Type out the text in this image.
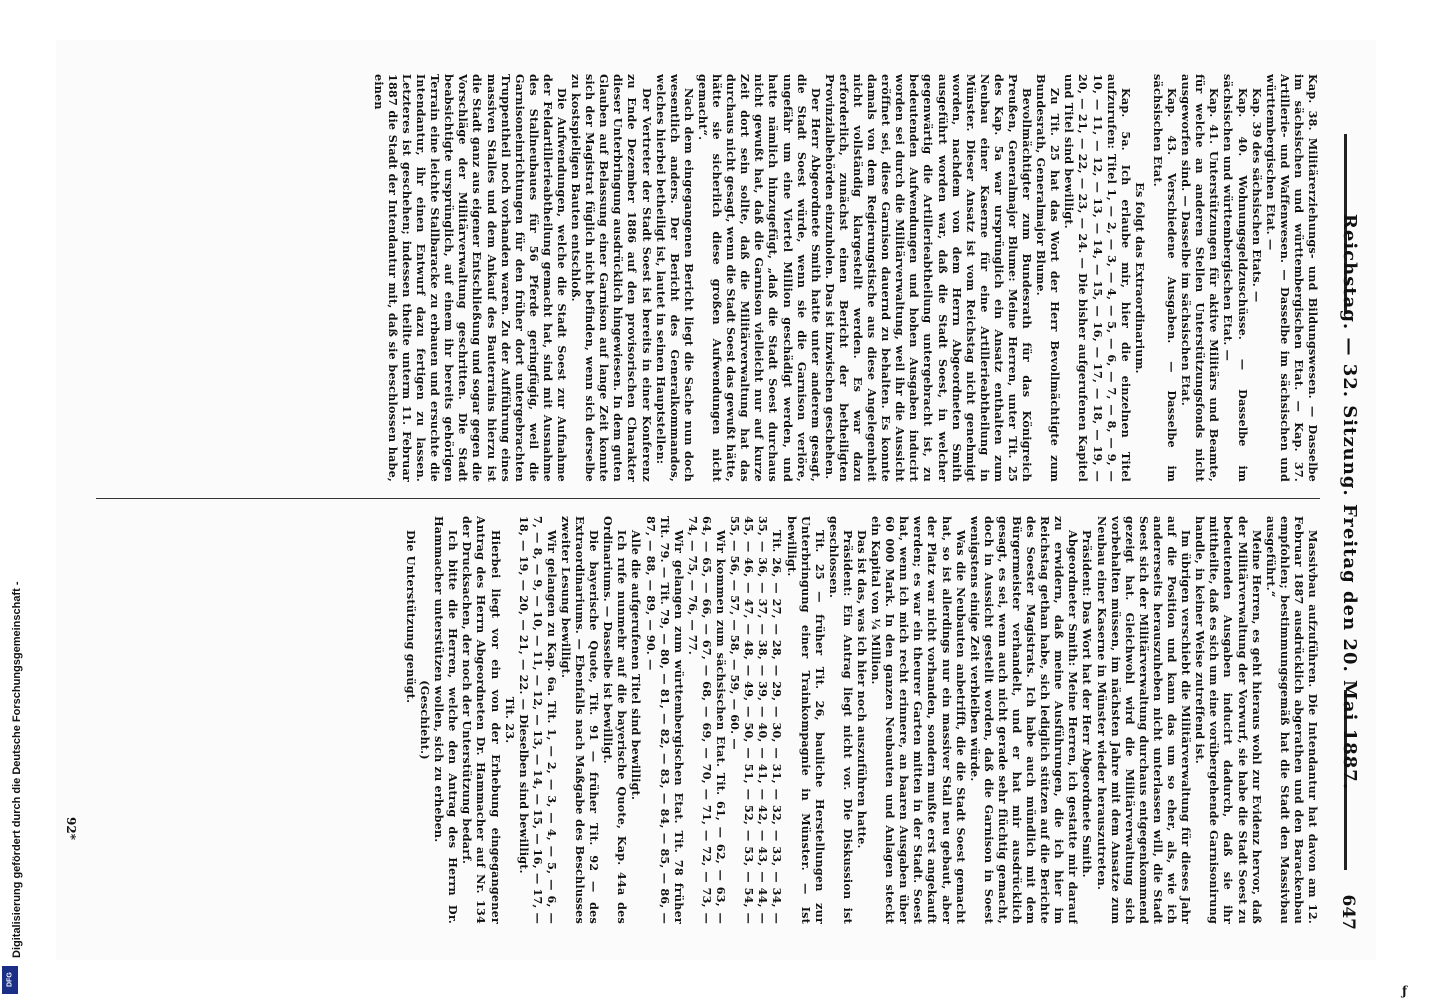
Digitalisierung gefördert durch die Deutsche Forschungsgemeinschaft -
DFG
Reichstag. — 32. Sitzung. Freitag den 20. Mai 1887.
647

Kap. 38. Militärerziehungs- und Bildungswesen. — Dasselbe im sächsischen und württembergischen Etat. — Kap. 37. Artillerie- und Waffenwesen. — Dasselbe im sächsischen und württembergischen Etat. —

Kap. 39 des sächsischen Etats. —

Kap. 40. Wohnungsgeldzuschüsse. — Dasselbe im sächsischen und württembergischen Etat. —

Kap. 41. Unterstützungen für aktive Militärs und Beamte, für welche an anderen Stellen Unterstützungsfonds nicht ausgeworfen sind. — Dasselbe im sächsischen Etat.

Kap. 43. Verschiedene Ausgaben. — Dasselbe im sächsischen Etat.

Es folgt das Extraordinarium.

Kap. 5a. Ich erlaube mir, hier die einzelnen Titel aufzurufen: Titel 1, — 2, — 3, — 4, — 5, — 6, — 7, — 8, — 9, — 10, — 11, — 12, — 13, — 14, — 15, — 16, — 17, — 18, — 19, — 20, — 21, — 22, — 23, — 24. — Die bisher aufgerufenen Kapitel und Titel sind bewilligt.

Zu Tit. 25 hat das Wort der Herr Bevollmächtigte zum Bundesrath, Generalmajor Blume.

Bevollmächtigter zum Bundesrath für das Königreich Preußen, Generalmajor Blume: Meine Herren, unter Tit. 25 des Kap. 5a war ursprünglich ein Ansatz enthalten zum Neubau einer Kaserne für eine Artillerieabtheilung in Münster. Dieser Ansatz ist vom Reichstag nicht genehmigt worden, nachdem von dem Herrn Abgeordneten Smith ausgeführt worden war, daß die Stadt Soest, in welcher gegenwärtig die Artillerieabtheilung untergebracht ist, zu bedeutenden Aufwendungen und hohen Ausgaben inducirt worden sei durch die Militärverwaltung, weil ihr die Aussicht eröffnet sei, diese Garnison dauernd zu behalten. Es konnte damals von dem Regierungstische aus diese Angelegenheit nicht vollständig klargestellt werden. Es war dazu erforderlich, zunächst einen Bericht der betheiligten Provinzialbehörden einzuholen. Das ist inzwischen geschehen.

Der Herr Abgeordnete Smith hatte unter anderem gesagt, die Stadt Soest würde, wenn sie die Garnison verlöre, ungefähr um eine Viertel Million geschädigt werden, und hatte nämlich hinzugefügt, „daß die Stadt Soest durchaus nicht gewußt hat, daß die Garnison vielleicht nur auf kurze Zeit dort sein sollte, daß die Militärverwaltung hat das durchaus nicht gesagt, wenn die Stadt Soest das gewußt hätte, hätte sie sicherlich diese großen Aufwendungen nicht gemacht“.

Nach dem eingegangenen Bericht liegt die Sache nun doch wesentlich anders. Der Bericht des Generalkommandos, welches hierbei betheiligt ist, lautet in seinen Hauptstellen:

Der Vertreter der Stadt Soest ist bereits in einer Konferenz zu Ende Dezember 1886 auf den provisorischen Charakter dieser Unterbringung ausdrücklich hingewiesen. In dem guten Glauben auf Belassung einer Garnison auf lange Zeit konnte sich der Magistrat füglich nicht befinden, wenn sich derselbe zu kostspieligen Bauten entschloß.

Die Aufwendungen, welche die Stadt Soest zur Aufnahme der Feldartillerieabtheilung gemacht hat, sind mit Ausnahme des Stallneubaues für 56 Pferde geringfügig, weil die Garnisoneinrichtungen für den früher dort untergebrachten Truppentheil noch vorhanden waren. Zu der Aufführung eines massiven Stalles und dem Ankauf des Bauterrains hierzu ist die Stadt ganz aus eigener Entschließung und sogar gegen die Vorschläge der Militärverwaltung geschritten. Die Stadt beabsichtigte ursprünglich, auf einem ihr bereits gehörigen Terrain eine leichte Stallbaracke zu erbauen und ersuchte die Intendantur, ihr einen Entwurf dazu fertigen zu lassen. Letzteres ist geschehen; indessen theilte unterm 11. Februar 1887 die Stadt der Intendantur mit, daß sie beschlossen habe, einen

Massivbau aufzuführen. Die Intendantur hat davon am 12. Februar 1887 ausdrücklich abgerathen und den Barackenbau empfohlen; bestimmungsgemäß hat die Stadt den Massivbau ausgeführt.“

Meine Herren, es geht hieraus wohl zur Evidenz hervor, daß der Militärverwaltung der Vorwurf, sie habe die Stadt Soest zu bedeutenden Ausgaben inducirt dadurch, daß sie ihr mittheilte, daß es sich um eine vorübergehende Garnisonirung handle, in keiner Weise zutreffend ist.

Im übrigen verschiebt die Militärverwaltung für dieses Jahr auf die Position und kann das um so eher, als, wie ich andererseits herauszuheben nicht unterlassen will, die Stadt Soest sich der Militärverwaltung durchaus entgegenkommend gezeigt hat. Gleichwohl wird die Militärverwaltung sich vorbehalten müssen, im nächsten Jahre mit dem Ansatze zum Neubau einer Kaserne in Münster wieder herauszutreten.

Präsident: Das Wort hat der Herr Abgeordnete Smith.

Abgeordneter Smith: Meine Herren, ich gestatte mir darauf zu erwidern, daß meine Ausführungen, die ich hier im Reichstag gethan habe, sich lediglich stützen auf die Berichte des Soester Magistrats. Ich habe auch mündlich mit dem Bürgermeister verhandelt, und er hat mir ausdrücklich gesagt, es sei, wenn auch nicht gerade sehr flüchtig gemacht, doch in Aussicht gestellt worden, daß die Garnison in Soest wenigstens einige Zeit verbleiben würde.

Was die Neubauten anbetrifft, die die Stadt Soest gemacht hat, so ist allerdings nur ein massiver Stall neu gebaut, aber der Platz war nicht vorhanden, sondern mußte erst angekauft werden; es war ein theurer Garten mitten in der Stadt. Soest hat, wenn ich mich recht erinnere, an baaren Ausgaben über 60 000 Mark. In den ganzen Neubauten und Anlagen steckt ein Kapital von ¼ Million.

Das ist das, was ich hier noch auszuführen hatte.

Präsident: Ein Antrag liegt nicht vor. Die Diskussion ist geschlossen.

Tit. 25 — früher Tit. 26, bauliche Herstellungen zur Unterbringung einer Trainkompagnie in Münster. — Ist bewilligt.

Tit. 26, — 27, — 28, — 29, — 30, — 31, — 32, — 33, — 34, — 35, — 36, — 37, — 38, — 39, — 40, — 41, — 42, — 43, — 44, — 45, — 46, — 47, — 48, — 49, — 50, — 51, — 52, — 53, — 54, — 55, — 56, — 57, — 58, — 59, — 60. —

Wir kommen zum sächsischen Etat. Tit. 61, — 62, — 63, — 64, — 65, — 66, — 67, — 68, — 69, — 70, — 71, — 72, — 73, — 74, — 75, — 76, — 77.

Wir gelangen zum württembergischen Etat. Tit. 78 früher Tit. 79. — Tit. 79, — 80, — 81, — 82, — 83, — 84, — 85, — 86, — 87, — 88, — 89, — 90. —

Alle die aufgerufenen Titel sind bewilligt.

Ich rufe nunmehr auf die bayerische Quote, Kap. 44a des Ordinariums. — Dasselbe ist bewilligt.

Die bayerische Quote, Tit. 91 — früher Tit. 92 — des Extraordinariums. — Ebenfalls nach Maßgabe des Beschlusses zweiter Lesung bewilligt.

Wir gelangen zu Kap. 6a. Tit. 1, — 2, — 3, — 4, — 5, — 6, — 7, — 8, — 9, — 10, — 11, — 12, — 13, — 14, — 15, — 16, — 17, — 18, — 19, — 20, — 21, — 22. — Dieselben sind bewilligt.

Tit. 23.

Hierbei liegt vor ein von der Erhebung eingegangener Antrag des Herrn Abgeordneten Dr. Hammacher auf Nr. 134 der Drucksachen, der noch der Unterstützung bedarf.

Ich bitte die Herren, welche den Antrag des Herrn Dr. Hammacher unterstützen wollen, sich zu erheben.

(Geschieht.)

Die Unterstützung genügt.

92*
ƒ
